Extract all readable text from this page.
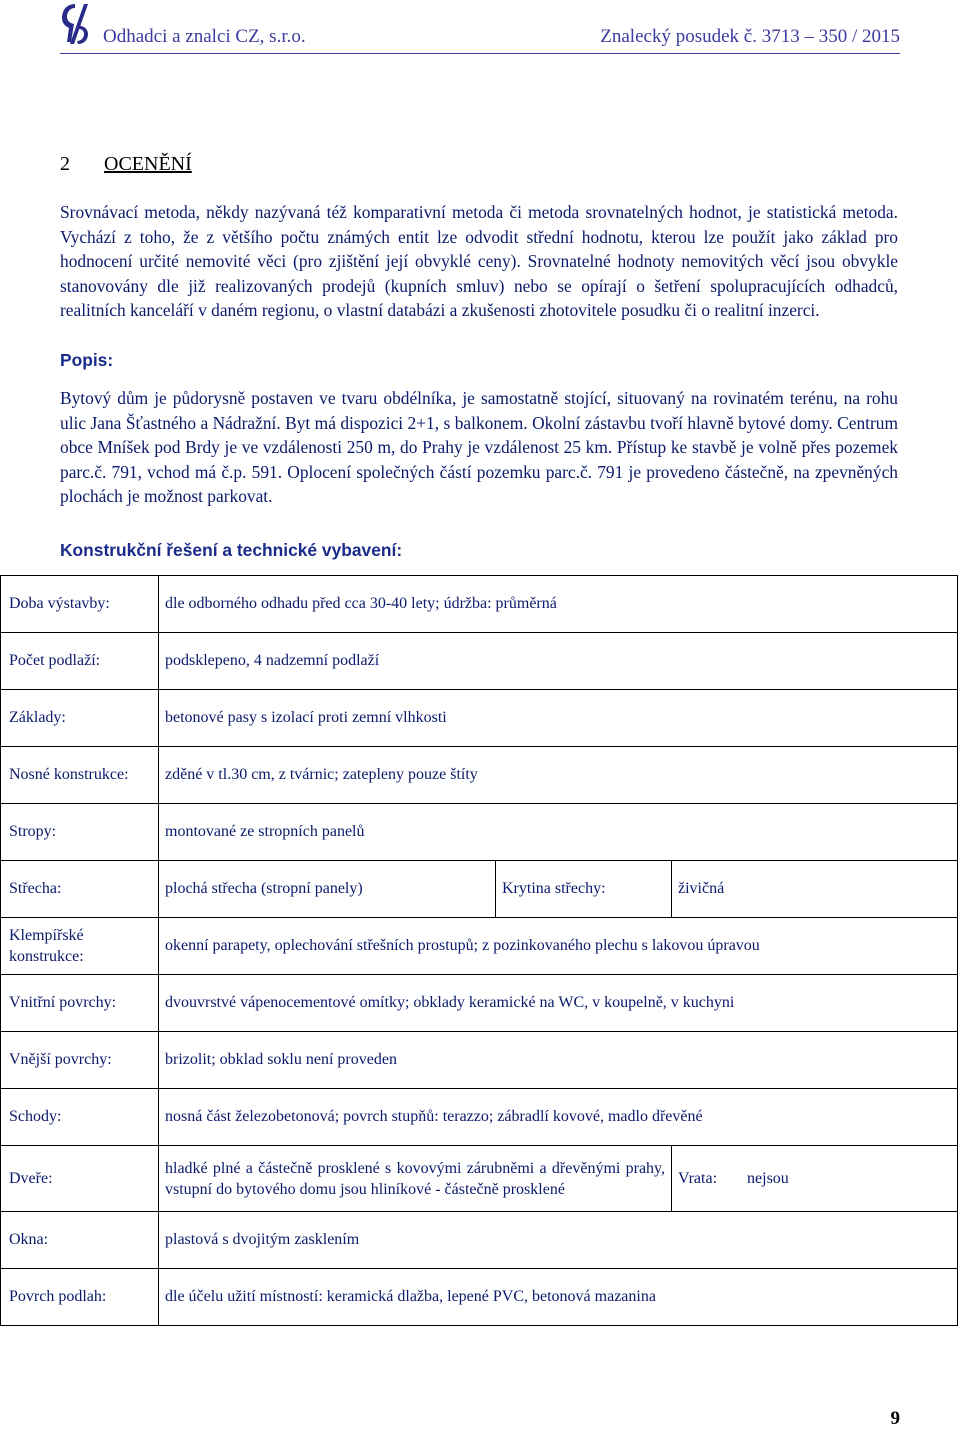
Odhadci a znalci CZ, s.r.o.	Znalecký posudek č. 3713 – 350 / 2015
2 OCENĚNÍ
Srovnávací metoda, někdy nazývaná též komparativní metoda či metoda srovnatelných hodnot, je statistická metoda. Vychází z toho, že z většího počtu známých entit lze odvodit střední hodnotu, kterou lze použít jako základ pro hodnocení určité nemovité věci (pro zjištění její obvyklé ceny). Srovnatelné hodnoty nemovitých věcí jsou obvykle stanovovány dle již realizovaných prodejů (kupních smluv) nebo se opírají o šetření spolupracujících odhadců, realitních kanceláří v daném regionu, o vlastní databázi a zkušenosti zhotovitele posudku či o realitní inzerci.
Popis:
Bytový dům je půdorysně postaven ve tvaru obdélníka, je samostatně stojící, situovaný na rovinatém terénu, na rohu ulic Jana Šťastného a Nádražní. Byt má dispozici 2+1, s balkonem. Okolní zástavbu tvoří hlavně bytové domy. Centrum obce Mníšek pod Brdy je ve vzdálenosti 250 m, do Prahy je vzdálenost 25 km. Přístup ke stavbě je volně přes pozemek parc.č. 791, vchod má č.p. 591. Oplocení společných částí pozemku parc.č. 791 je provedeno částečně, na zpevněných plochách je možnost parkovat.
Konstrukční řešení a technické vybavení:
Doba výstavby:	dle odborného odhadu před cca 30-40 lety; údržba: průměrná		
Počet podlaží:	podsklepeno, 4 nadzemní podlaží		
Základy:	betonové pasy s izolací proti zemní vlhkosti		
Nosné konstrukce:	zděné v tl.30 cm, z tvárnic; zatepleny pouze štíty		
Stropy:	montované ze stropních panelů		
Střecha:	plochá střecha (stropní panely)	Krytina střechy:	živičná
Klempířské konstrukce:	okenní parapety, oplechování střešních prostupů; z pozinkovaného plechu s lakovou úpravou		
Vnitřní povrchy:	dvouvrstvé vápenocementové omítky; obklady keramické na WC, v koupelně, v kuchyni		
Vnější povrchy:	brizolit; obklad soklu není proveden		
Schody:	nosná část železobetonová; povrch stupňů: terazzo; zábradlí kovové, madlo dřevěné		
Dveře:	hladké plné a částečně prosklené s kovovými zárubněmi a dřevěnými prahy, vstupní do bytového domu jsou hliníkové - částečně prosklené		Vrata: nejsou
Okna:	plastová s dvojitým zasklením		
Povrch podlah:	dle účelu užití místností: keramická dlažba, lepené PVC, betonová mazanina		
9
